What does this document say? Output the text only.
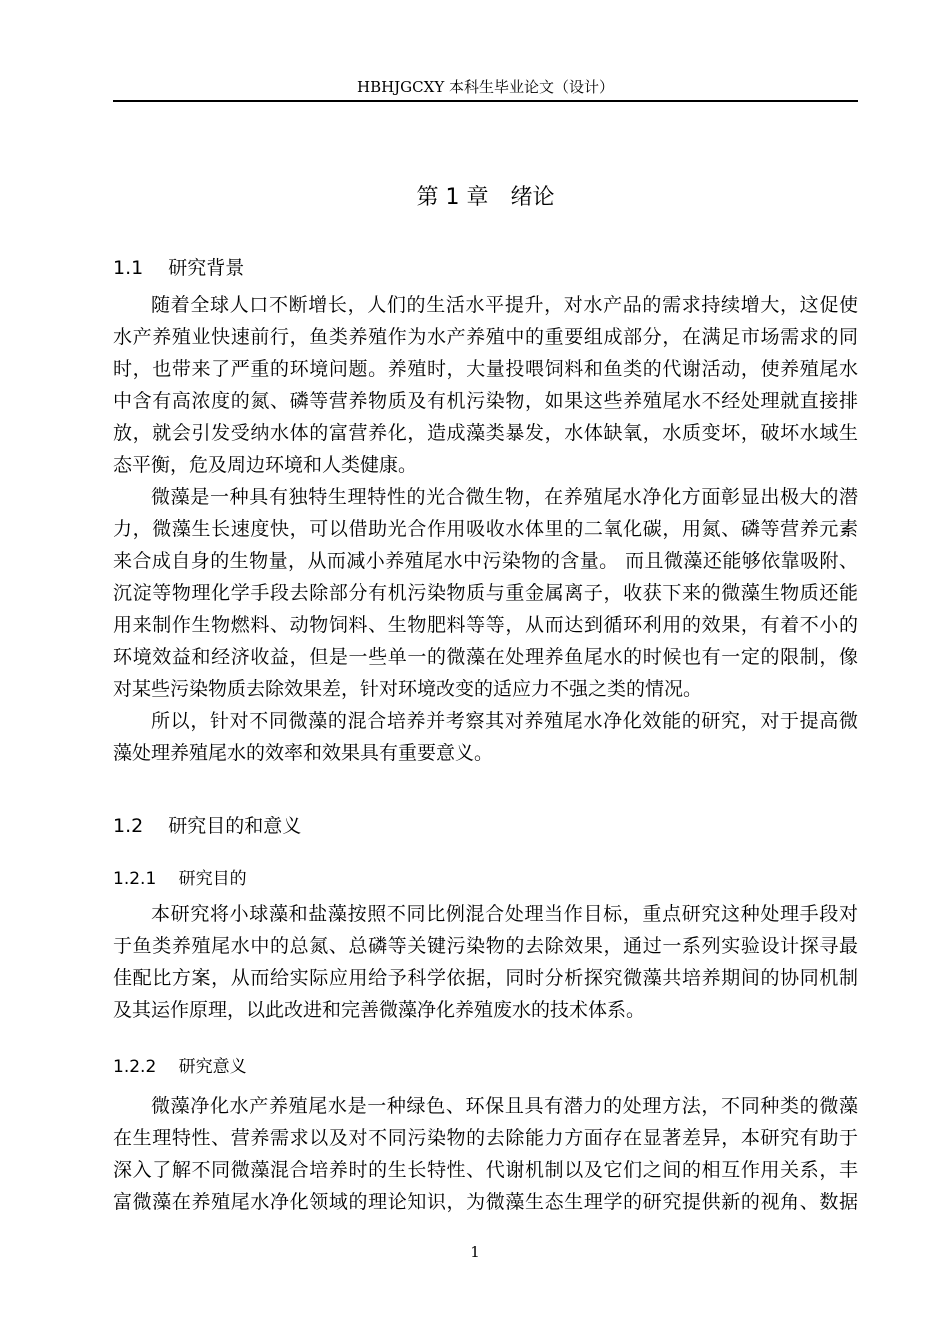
HBHJGCXY 本科生毕业论文（设计）
第 1 章　绪论
1.1　 研究背景
随着全球人口不断增长，人们的生活水平提升，对水产品的需求持续增大，这促使
水产养殖业快速前行，鱼类养殖作为水产养殖中的重要组成部分，在满足市场需求的同
时，也带来了严重的环境问题。养殖时，大量投喂饲料和鱼类的代谢活动，使养殖尾水
中含有高浓度的氮、磷等营养物质及有机污染物，如果这些养殖尾水不经处理就直接排
放，就会引发受纳水体的富营养化，造成藻类暴发，水体缺氧，水质变坏，破坏水域生
态平衡，危及周边环境和人类健康。
微藻是一种具有独特生理特性的光合微生物，在养殖尾水净化方面彰显出极大的潜
力，微藻生长速度快，可以借助光合作用吸收水体里的二氧化碳，用氮、磷等营养元素
来合成自身的生物量，从而减小养殖尾水中污染物的含量。 而且微藻还能够依靠吸附、
沉淀等物理化学手段去除部分有机污染物质与重金属离子，收获下来的微藻生物质还能
用来制作生物燃料、动物饲料、生物肥料等等，从而达到循环利用的效果，有着不小的
环境效益和经济收益，但是一些单一的微藻在处理养鱼尾水的时候也有一定的限制，像
对某些污染物质去除效果差，针对环境改变的适应力不强之类的情况。
所以，针对不同微藻的混合培养并考察其对养殖尾水净化效能的研究，对于提高微
藻处理养殖尾水的效率和效果具有重要意义。
1.2　 研究目的和意义
1.2.1　 研究目的
本研究将小球藻和盐藻按照不同比例混合处理当作目标，重点研究这种处理手段对
于鱼类养殖尾水中的总氮、总磷等关键污染物的去除效果，通过一系列实验设计探寻最
佳配比方案，从而给实际应用给予科学依据，同时分析探究微藻共培养期间的协同机制
及其运作原理，以此改进和完善微藻净化养殖废水的技术体系。
1.2.2　 研究意义
微藻净化水产养殖尾水是一种绿色、环保且具有潜力的处理方法，不同种类的微藻
在生理特性、营养需求以及对不同污染物的去除能力方面存在显著差异，本研究有助于
深入了解不同微藻混合培养时的生长特性、代谢机制以及它们之间的相互作用关系，丰
富微藻在养殖尾水净化领域的理论知识，为微藻生态生理学的研究提供新的视角、数据
1
